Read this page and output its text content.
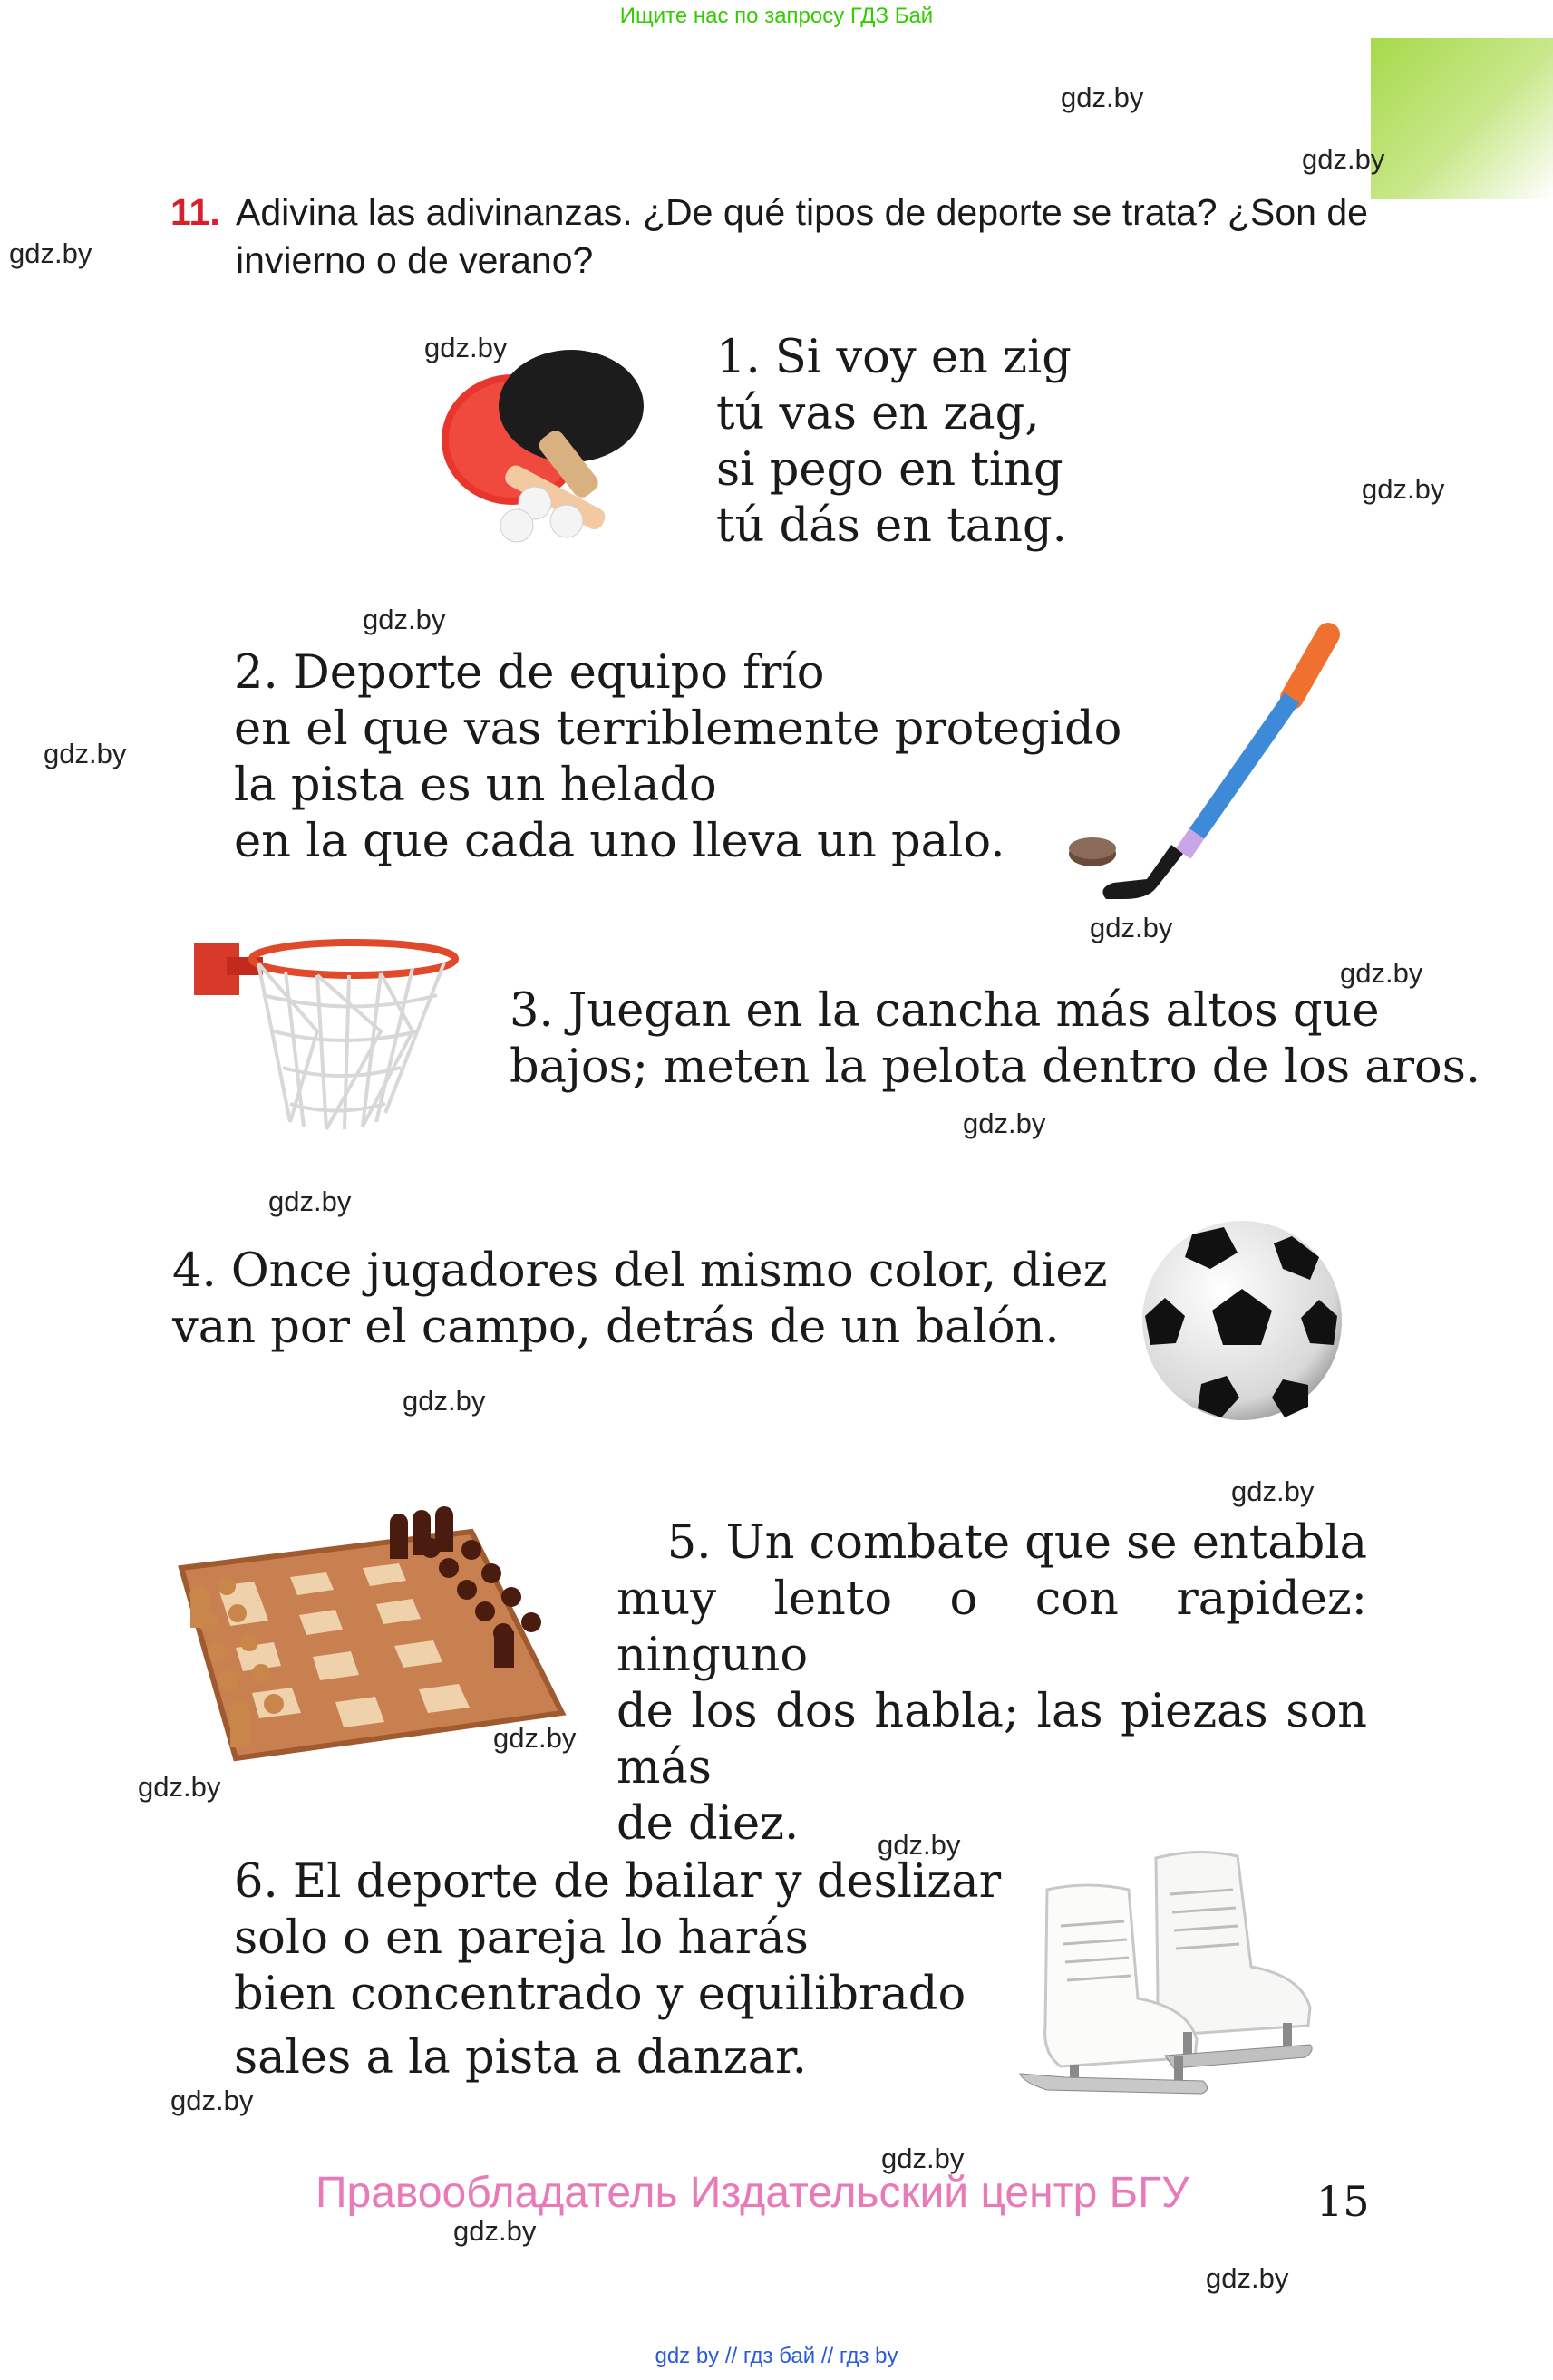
Ищите нас по запросу ГДЗ Бай
11. Adivina las adivinanzas. ¿De qué tipos de deporte se trata? ¿Son de invierno o de verano?
gdz.by
gdz.by
gdz.by
gdz.by
gdz.by
gdz.by
gdz.by
gdz.by
gdz.by
gdz.by
gdz.by
gdz.by
gdz.by
gdz.by
gdz.by
gdz.by
gdz.by
gdz.by
gdz.by
gdz.by
1. Si voy en zig
tú vas en zag,
si pego en ting
tú dás en tang.
2. Deporte de equipo frío
en el que vas terriblemente protegido
la pista es un helado
en la que cada uno lleva un palo.
3. Juegan en la cancha más altos que
bajos; meten la pelota dentro de los aros.
4. Once jugadores del mismo color, diez
van por el campo, detrás de un balón.
5. Un combate que se entabla
muy lento o con rapidez: ninguno
de los dos habla; las piezas son más
de diez.
6. El deporte de bailar y deslizar
solo o en pareja lo harás
bien concentrado y equilibrado
sales a la pista a danzar.
Правообладатель Издательский центр БГУ	15
gdz by // гдз бай // гдз by
